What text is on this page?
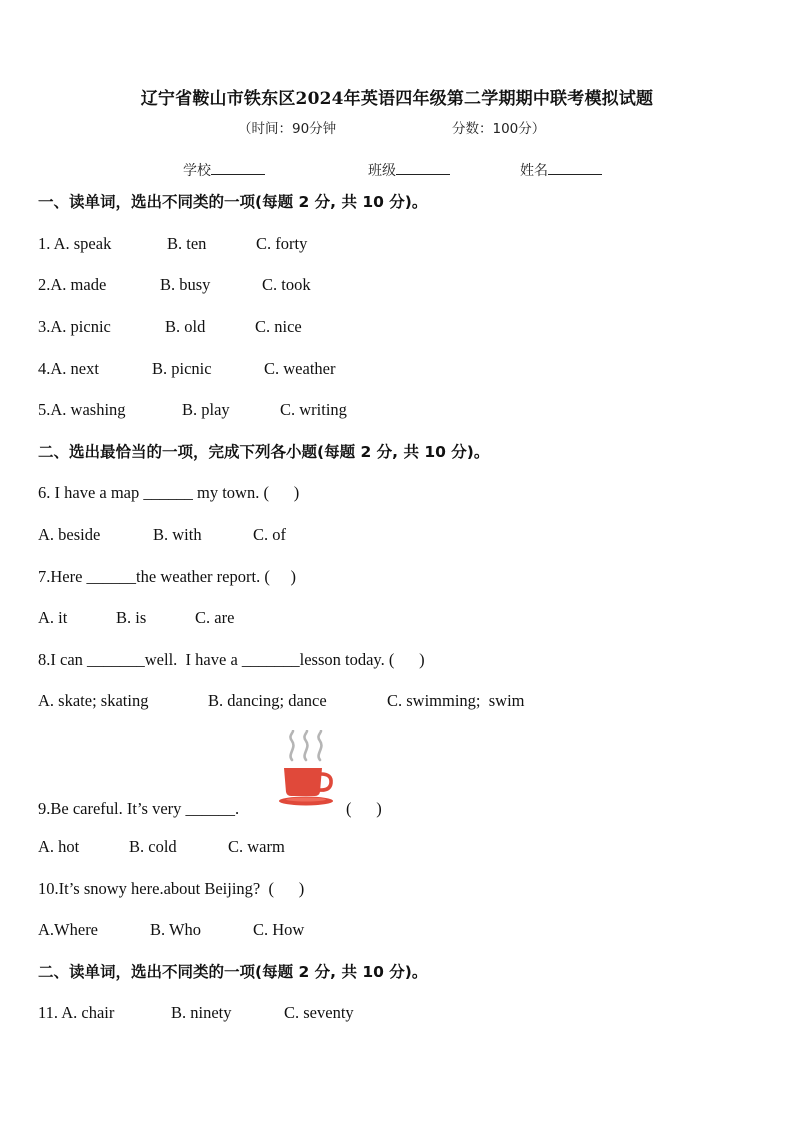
辽宁省鞍山市铁东区2024年英语四年级第二学期期中联考模拟试题
（时间：90分钟	分数：100分）
学校	班级	姓名
一、读单词，选出不同类的一项(每题 2 分, 共 10 分)。
1. A. speak	B. ten	C. forty
2.A. made	B. busy	C. took
3.A. picnic	B. old	C. nice
4.A. next	B. picnic	C. weather
5.A. washing	B. play	C. writing
二、选出最恰当的一项，完成下列各小题(每题 2 分, 共 10 分)。
6. I have a map ______ my town. (      )
A. beside	B. with	C. of
7.Here ______the weather report. (     )
A. it	B. is	C. are
8.I can _______well.  I have a _______lesson today. (      )
A. skate; skating	B. dancing; dance	C. swimming;  swim
9.Be careful. It’s very ______.	(      )
A. hot	B. cold	C. warm
10.It’s snowy here.about Beijing?  (      )
A.Where	B. Who	C. How
二、读单词，选出不同类的一项(每题 2 分, 共 10 分)。
11. A. chair	B. ninety	C. seventy
